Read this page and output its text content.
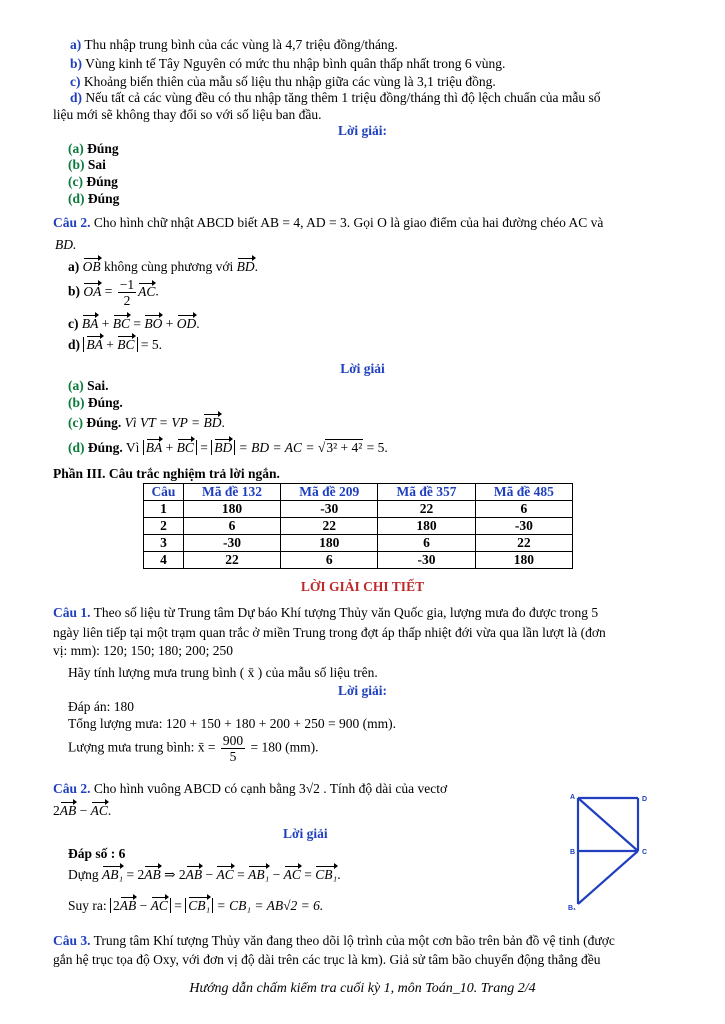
a) Thu nhập trung bình của các vùng là 4,7 triệu đồng/tháng.
b) Vùng kinh tế Tây Nguyên có mức thu nhập bình quân thấp nhất trong 6 vùng.
c) Khoảng biến thiên của mẫu số liệu thu nhập giữa các vùng là 3,1 triệu đồng.
d) Nếu tất cả các vùng đều có thu nhập tăng thêm 1 triệu đồng/tháng thì độ lệch chuẩn của mẫu số
liệu mới sẽ không thay đổi so với số liệu ban đầu.
Lời giải:
(a) Đúng
(b) Sai
(c) Đúng
(d) Đúng
Câu 2. Cho hình chữ nhật ABCD biết AB = 4, AD = 3. Gọi O là giao điểm của hai đường chéo AC và
BD.
a) OB không cùng phương với BD.
b) OA = $\frac{-1}{2}$ AC.
c) BA + BC = BO + OD.
d) BA + BC = 5.
Lời giải
(a) Sai.
(b) Đúng.
(c) Đúng. Vì VT = VP = BD.
(d) Đúng. Vì BA + BC = BD = BD = AC = √3² + 4² = 5.
Phần III. Câu trắc nghiệm trả lời ngắn.
Câu	Mã đề 132	Mã đề 209	Mã đề 357	Mã đề 485
1	180	-30	22	6
2	6	22	180	-30
3	-30	180	6	22
4	22	6	-30	180
LỜI GIẢI CHI TIẾT
Câu 1. Theo số liệu từ Trung tâm Dự báo Khí tượng Thủy văn Quốc gia, lượng mưa đo được trong 5
ngày liên tiếp tại một trạm quan trắc ở miền Trung trong đợt áp thấp nhiệt đới vừa qua lần lượt là (đơn
vị: mm): 120; 150; 180; 200; 250
Hãy tính lượng mưa trung bình ( x̄ ) của mẫu số liệu trên.
Lời giải:
Đáp án: 180
Tổng lượng mưa: 120 + 150 + 180 + 200 + 250 = 900 (mm).
Lượng mưa trung bình: x̄ = $\frac{900}{5} = 180$ (mm).
Câu 2. Cho hình vuông ABCD có cạnh bằng 3√2 . Tính độ dài của vectơ
2AB − AC.
Lời giải
Đáp số : 6
Dựng AB₁ = 2AB ⇒ 2AB − AC = AB₁ − AC = CB₁.
Suy ra: 2AB − AC = CB₁ = CB₁ = AB√2 = 6.
A	D
B	C
B₁
Câu 3. Trung tâm Khí tượng Thủy văn đang theo dõi lộ trình của một cơn bão trên bản đồ vệ tinh (được
gắn hệ trục tọa độ Oxy, với đơn vị độ dài trên các trục là km). Giả sử tâm bão chuyển động thẳng đều
Hướng dẫn chấm kiểm tra cuối kỳ 1, môn Toán_10. Trang 2/4
